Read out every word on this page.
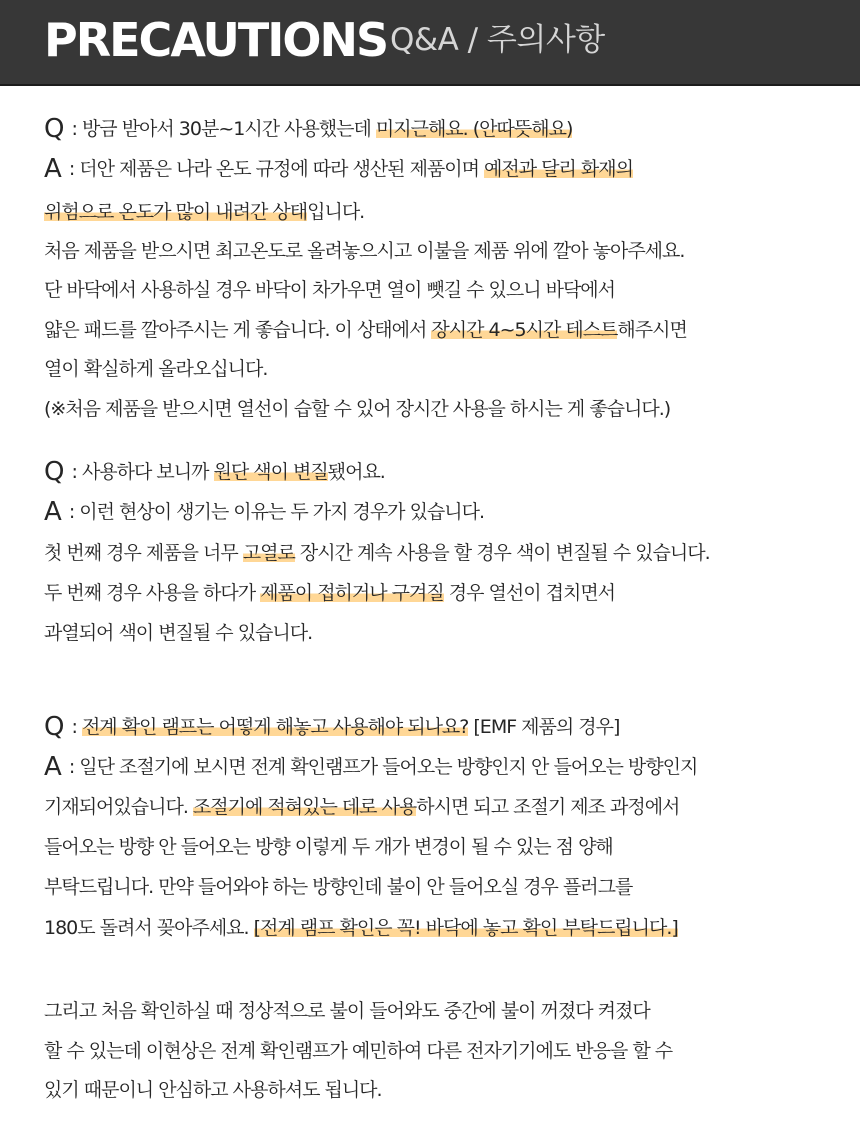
PRECAUTIONS Q&A / 주의사항
Q : 방금 받아서 30분~1시간 사용했는데 미지근해요. (안따뜻해요)
A : 더안 제품은 나라 온도 규정에 따라 생산된 제품이며 예전과 달리 화재의
위험으로 온도가 많이 내려간 상태입니다.
처음 제품을 받으시면 최고온도로 올려놓으시고 이불을 제품 위에 깔아 놓아주세요.
단 바닥에서 사용하실 경우 바닥이 차가우면 열이 뺏길 수 있으니 바닥에서
얇은 패드를 깔아주시는 게 좋습니다. 이 상태에서 장시간 4~5시간 테스트해주시면
열이 확실하게 올라오십니다.
(※처음 제품을 받으시면 열선이 습할 수 있어 장시간 사용을 하시는 게 좋습니다.)
Q : 사용하다 보니까 원단 색이 변질됐어요.
A : 이런 현상이 생기는 이유는 두 가지 경우가 있습니다.
첫 번째 경우 제품을 너무 고열로 장시간 계속 사용을 할 경우 색이 변질될 수 있습니다.
두 번째 경우 사용을 하다가 제품이 접히거나 구겨질 경우 열선이 겹치면서
과열되어 색이 변질될 수 있습니다.
Q : 전계 확인 램프는 어떻게 해놓고 사용해야 되나요? [EMF 제품의 경우]
A : 일단 조절기에 보시면 전계 확인램프가 들어오는 방향인지 안 들어오는 방향인지
기재되어있습니다. 조절기에 적혀있는 데로 사용하시면 되고 조절기 제조 과정에서
들어오는 방향 안 들어오는 방향 이렇게 두 개가 변경이 될 수 있는 점 양해
부탁드립니다. 만약 들어와야 하는 방향인데 불이 안 들어오실 경우 플러그를
180도 돌려서 꽂아주세요. [전계 램프 확인은 꼭! 바닥에 놓고 확인 부탁드립니다.]
그리고 처음 확인하실 때 정상적으로 불이 들어와도 중간에 불이 꺼졌다 켜졌다
할 수 있는데 이현상은 전계 확인램프가 예민하여 다른 전자기기에도 반응을 할 수
있기 때문이니 안심하고 사용하셔도 됩니다.
